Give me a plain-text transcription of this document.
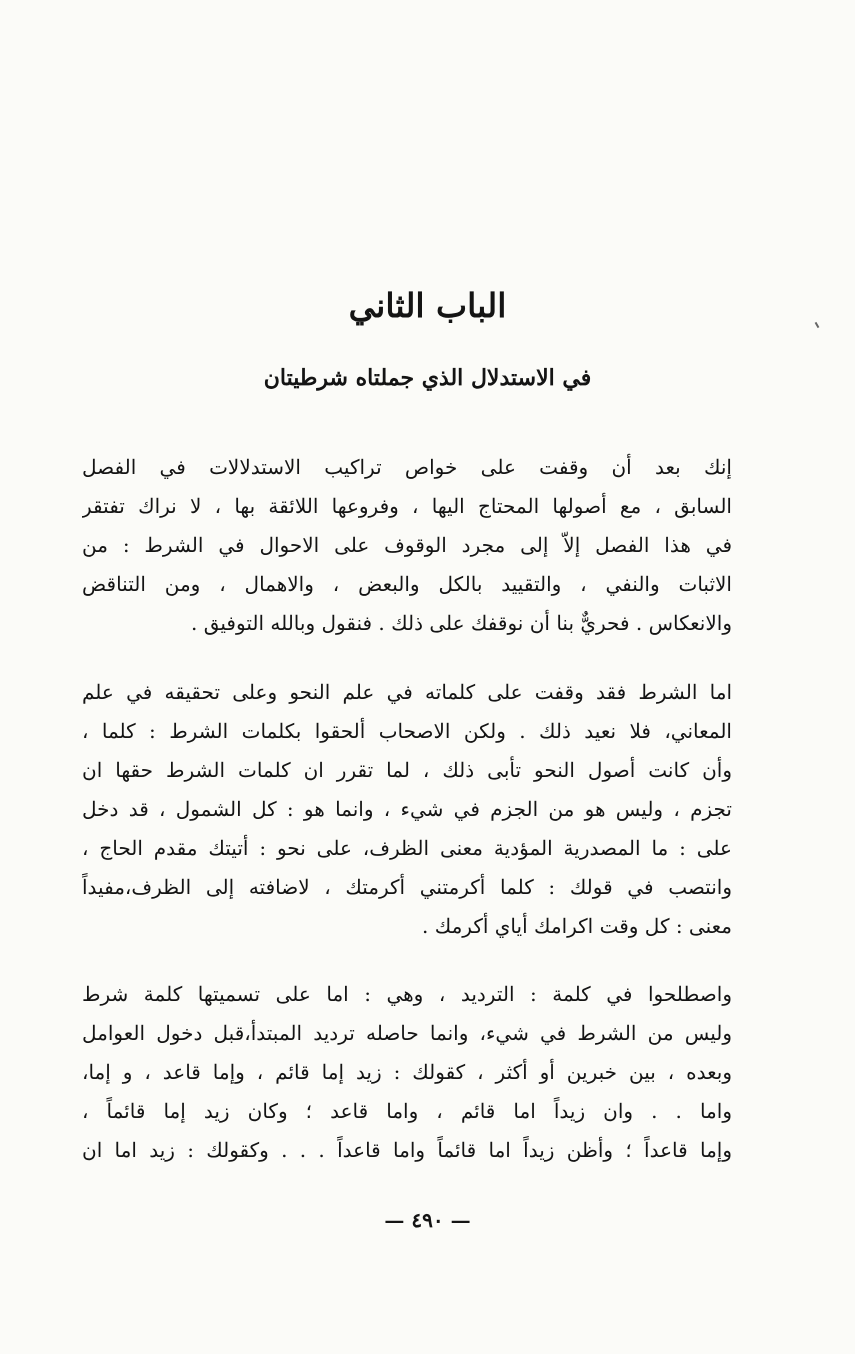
الباب الثاني
في الاستدلال الذي جملتاه شرطيتان
إنك بعد أن وقفت على خواص تراكيب الاستدلالات في الفصل
السابق ، مع أصولها المحتاج اليها ، وفروعها اللائقة بها ، لا نراك تفتقر
في هذا الفصل إلاّ إلى مجرد الوقوف على الاحوال في الشرط : من
الاثبات والنفي ، والتقييد بالكل والبعض ، والاهمال ، ومن التناقض
والانعكاس . فحريٌّ بنا أن نوقفك على ذلك . فنقول وبالله التوفيق .
اما الشرط فقد وقفت على كلماته في علم النحو وعلى تحقيقه في علم
المعاني، فلا نعيد ذلك . ولكن الاصحاب ألحقوا بكلمات الشرط : كلما ،
وأن كانت أصول النحو تأبى ذلك ، لما تقرر ان كلمات الشرط حقها ان
تجزم ، وليس هو من الجزم في شيء ، وانما هو : كل الشمول ، قد دخل
على : ما المصدرية المؤدية معنى الظرف، على نحو : أتيتك مقدم الحاج ،
وانتصب في قولك : كلما أكرمتني أكرمتك ، لاضافته إلى الظرف،مفيداً
معنى : كل وقت اكرامك أياي أكرمك .
واصطلحوا في كلمة : الترديد ، وهي : اما على تسميتها كلمة شرط
وليس من الشرط في شيء، وانما حاصله ترديد المبتدأ،قبل دخول العوامل
وبعده ، بين خبرين أو أكثر ، كقولك : زيد إما قائم ، وإما قاعد ، و إما،
واما . . وان زيداً اما قائم ، واما قاعد ؛ وكان زيد إما قائماً ،
وإما قاعداً ؛ وأظن زيداً اما قائماً واما قاعداً . . . وكقولك : زيد اما ان
— ٤٩٠ —
